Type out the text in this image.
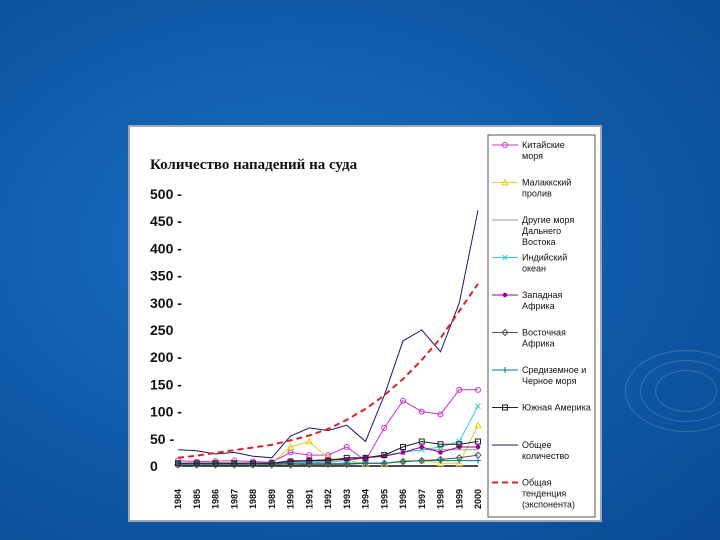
Количество нападений на суда
0
50 -
100 -
150 -
200 -
250
300 -
350 -
400 -
450 -
500 -
1984 1985 1986 1987 1988 1989 1990 1991 1992 1993 1994 1995 1996 1997 1998 1999 2000
Китайские моря
Малаккский пролив
Другие моря Дальнего Востока
Индийский океан
Западная Африка
Восточная Африка
Средиземное и Черное моря
Южная Америка
Общее количество
Общая тенденция (экспонента)
